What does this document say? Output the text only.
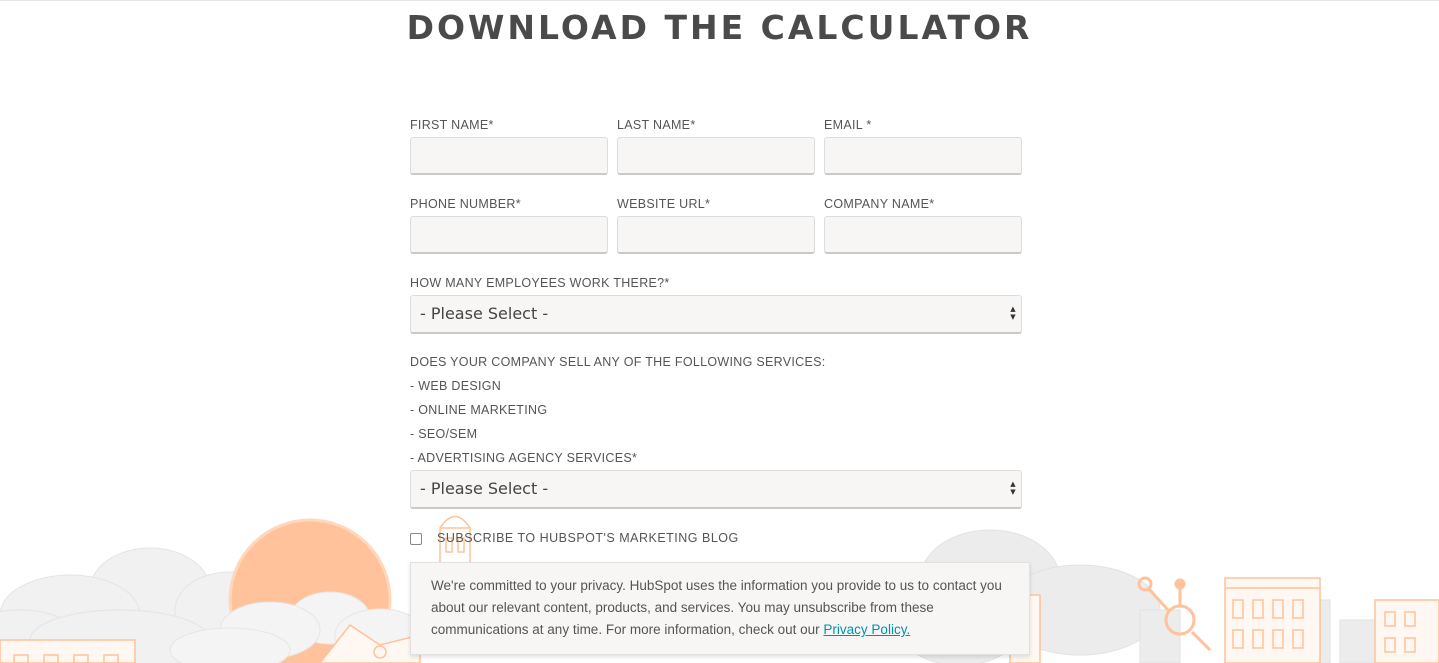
DOWNLOAD THE CALCULATOR
FIRST NAME*	LAST NAME*	EMAIL *
PHONE NUMBER*	WEBSITE URL*	COMPANY NAME*
HOW MANY EMPLOYEES WORK THERE?*
- Please Select -	▲
▼
DOES YOUR COMPANY SELL ANY OF THE FOLLOWING SERVICES:
- WEB DESIGN
- ONLINE MARKETING
- SEO/SEM
- ADVERTISING AGENCY SERVICES*
- Please Select -	▲
▼
SUBSCRIBE TO HUBSPOT'S MARKETING BLOG
We're committed to your privacy. HubSpot uses the information you provide to us to contact you about our relevant content, products, and services. You may unsubscribe from these communications at any time. For more information, check out our Privacy Policy.
